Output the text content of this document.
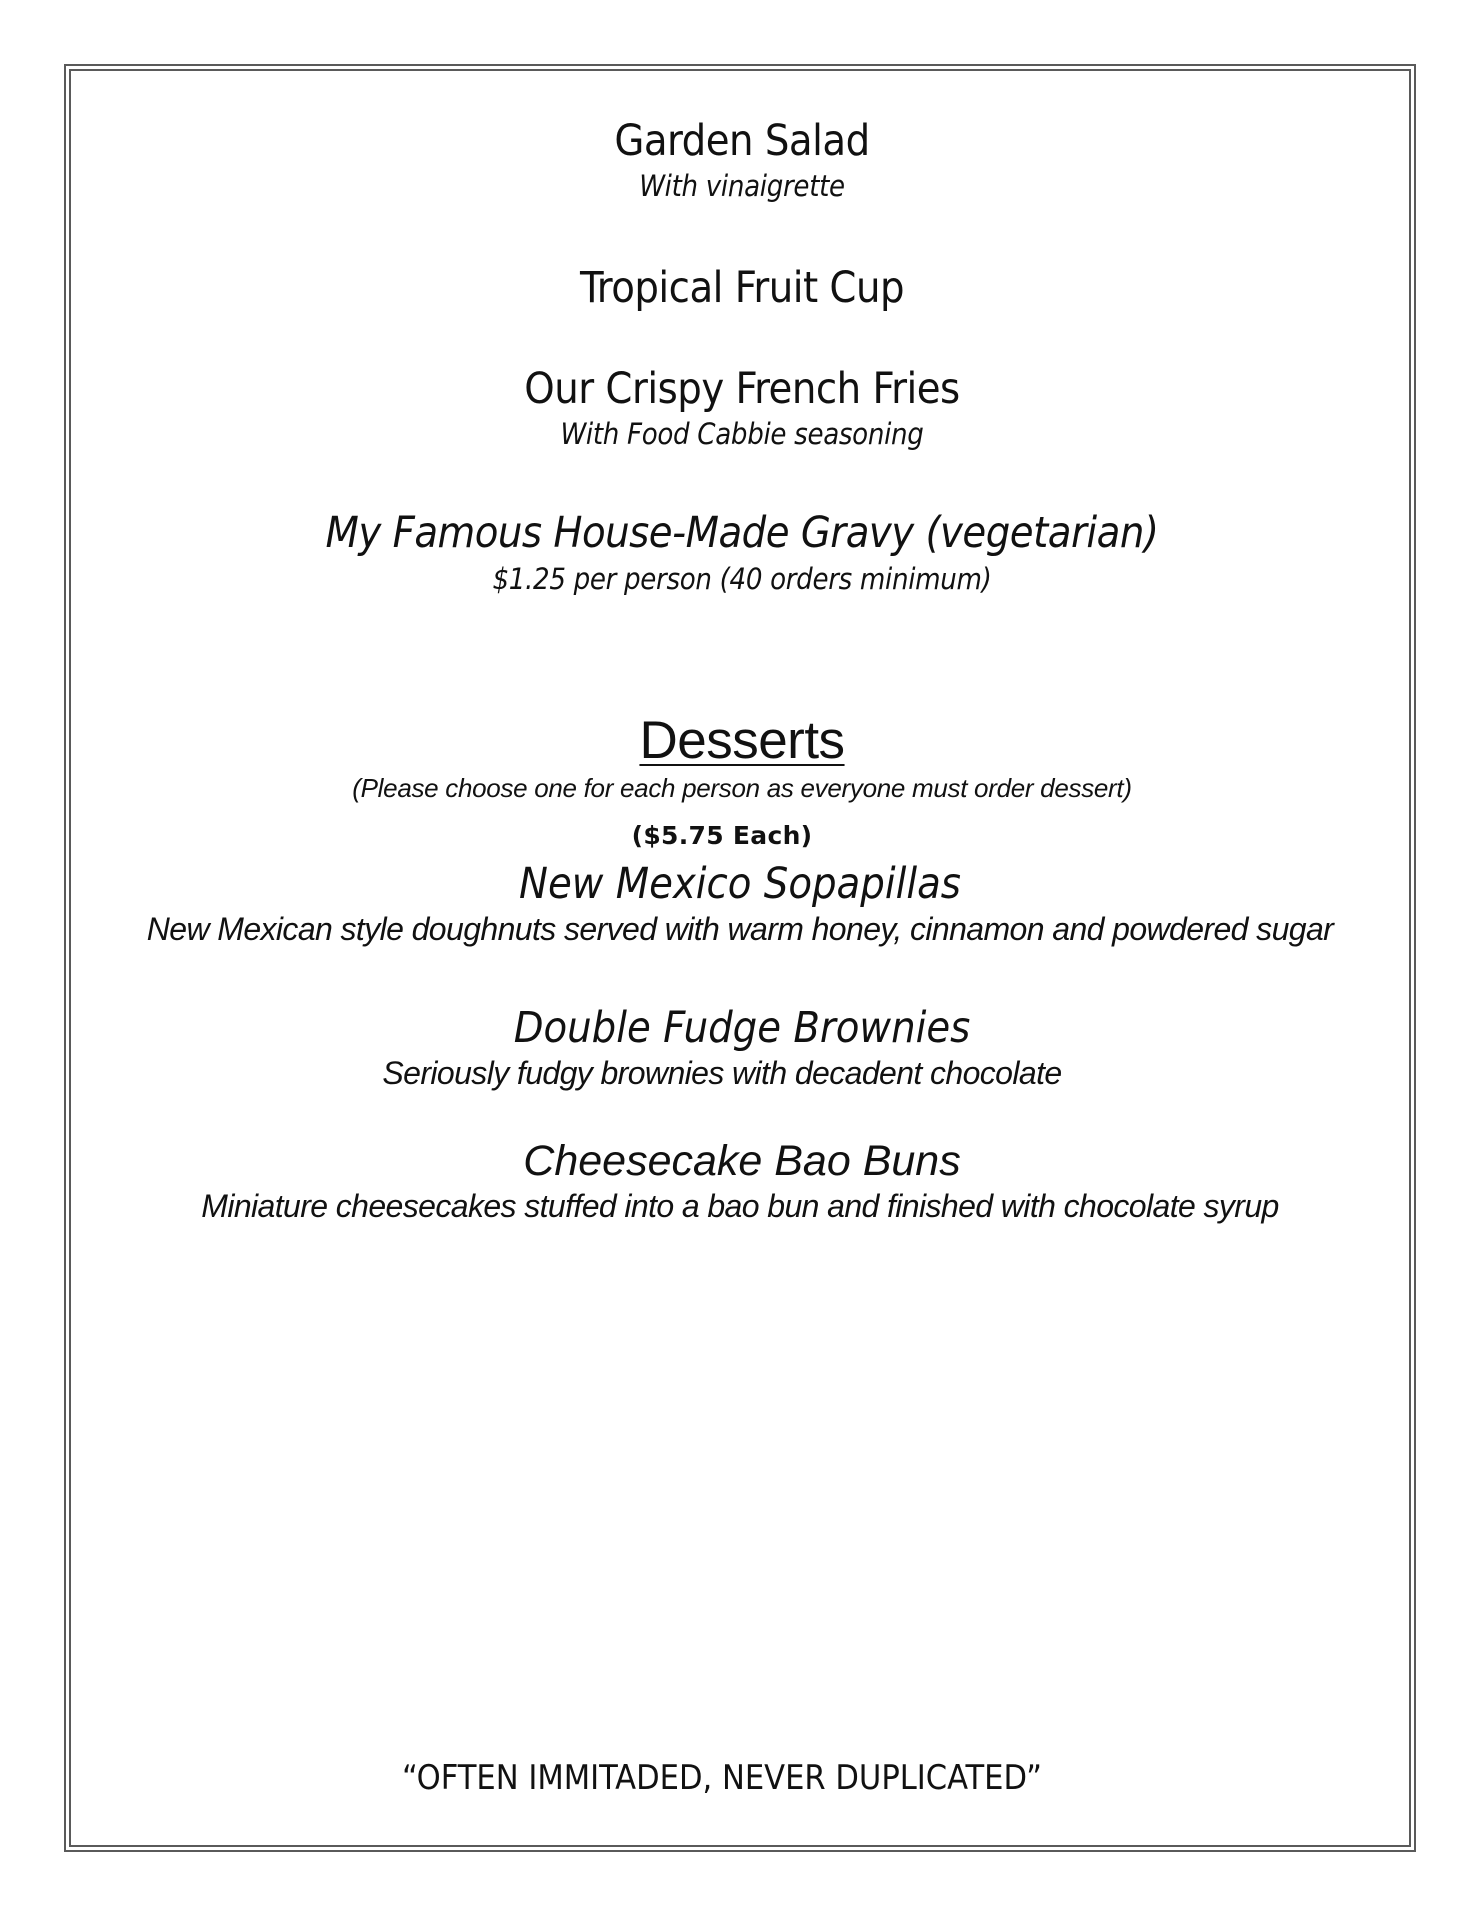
Garden Salad
With vinaigrette
Tropical Fruit Cup
Our Crispy French Fries
With Food Cabbie seasoning
My Famous House-Made Gravy (vegetarian)
$1.25 per person (40 orders minimum)
Desserts
(Please choose one for each person as everyone must order dessert)
($5.75 Each)
New Mexico Sopapillas
New Mexican style doughnuts served with warm honey, cinnamon and powdered sugar
Double Fudge Brownies
Seriously fudgy brownies with decadent chocolate
Cheesecake Bao Buns
Miniature cheesecakes stuffed into a bao bun and finished with chocolate syrup
“OFTEN IMMITADED, NEVER DUPLICATED”
